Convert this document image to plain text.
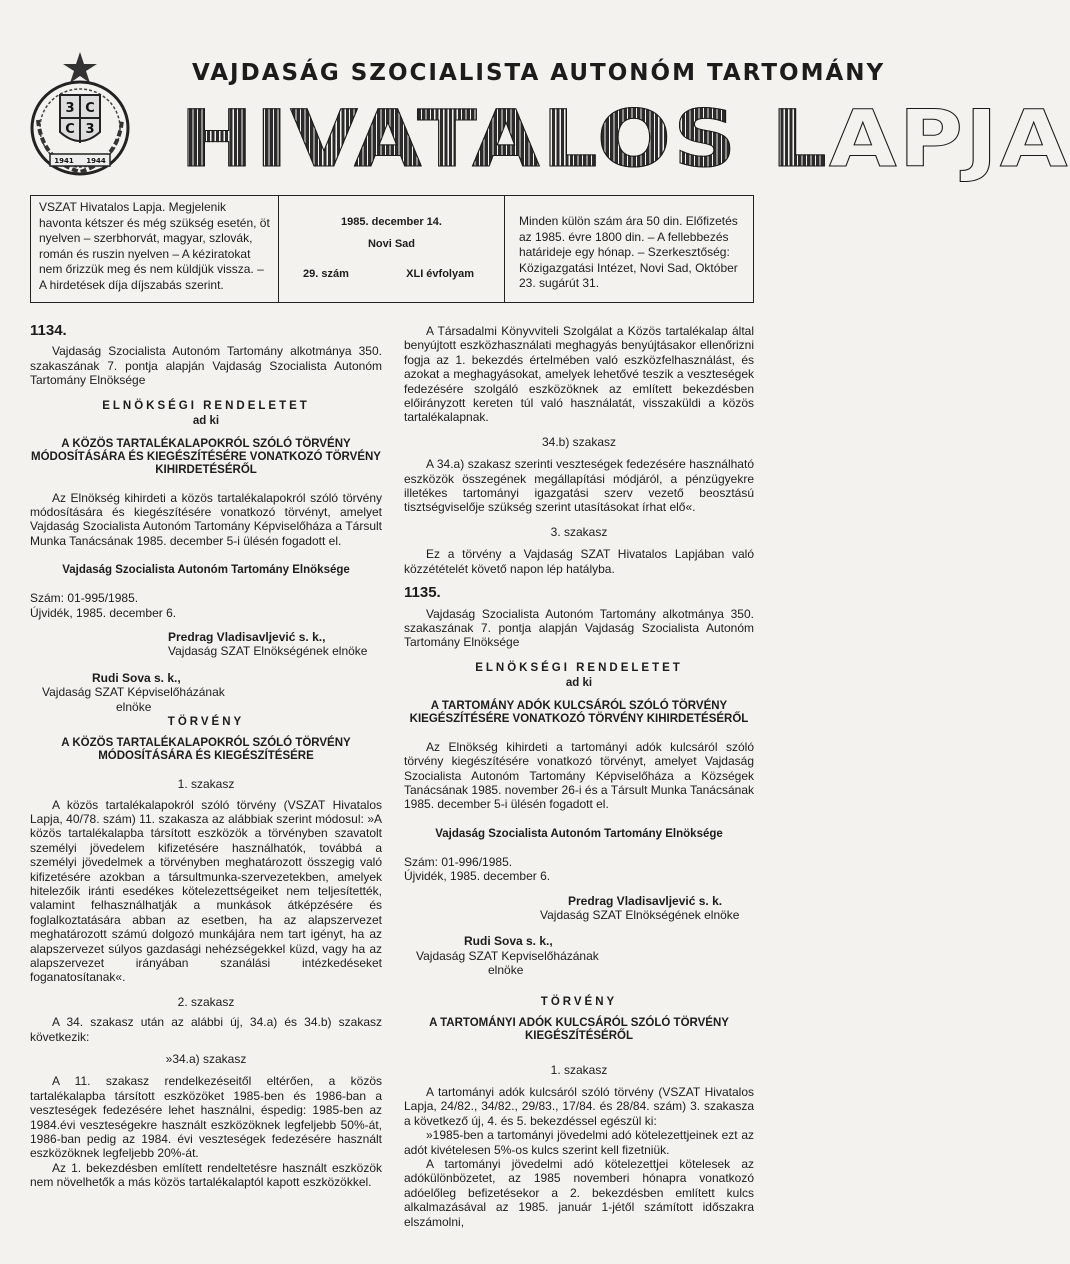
3 C
C 3
1941 1944
VAJDASÁG SZOCIALISTA AUTONÓM TARTOMÁNY
HIVATALOS LAPJA
VSZAT Hivatalos Lapja. Megjelenik havonta kétszer és még szükség esetén, öt nyelven – szerbhorvát, magyar, szlovák, román és ruszin nyelven – A kéziratokat nem őrizzük meg és nem küldjük vissza. – A hirdetések díja díjszabás szerint.
1985. december 14.
Novi Sad
29. szám	XLI évfolyam
Minden külön szám ára 50 din. Előfizetés az 1985. évre 1800 din. – A fellebbezés határideje egy hónap. – Szerkesztőség: Közigazgatási Intézet, Novi Sad, Október 23. sugárút 31.

1134.

Vajdaság Szocialista Autonóm Tartomány alkotmánya 350. szakaszának 7. pontja alapján Vajdaság Szocialista Autonóm Tartomány Elnöksége

ELNÖKSÉGI RENDELETET

ad ki

A KÖZÖS TARTALÉKALAPOKRÓL SZÓLÓ TÖRVÉNY MÓDOSÍTÁSÁRA ÉS KIEGÉSZÍTÉSÉRE VONATKOZÓ TÖRVÉNY KIHIRDETÉSÉRŐL

Az Elnökség kihirdeti a közös tartalékalapokról szóló törvény módosítására és kiegészítésére vonatkozó törvényt, amelyet Vajdaság Szocialista Autonóm Tartomány Képviselőháza a Társult Munka Tanácsának 1985. december 5-i ülésén fogadott el.

Vajdaság Szocialista Autonóm Tartomány Elnöksége

Szám: 01-995/1985.

Újvidék, 1985. december 6.

Predrag Vladisavljević s. k.,

Vajdaság SZAT Elnökségének elnöke

Rudi Sova s. k.,

Vajdaság SZAT Képviselőházának

elnöke

TÖRVÉNY

A KÖZÖS TARTALÉKALAPOKRÓL SZÓLÓ TÖRVÉNY MÓDOSÍTÁSÁRA ÉS KIEGÉSZÍTÉSÉRE

1. szakasz

A közös tartalékalapokról szóló törvény (VSZAT Hivatalos Lapja, 40/78. szám) 11. szakasza az alábbiak szerint módosul: »A közös tartalékalapba társított eszközök a törvényben szavatolt személyi jövedelem kifizetésére használhatók, továbbá a személyi jövedelmek a törvényben meghatározott összegig való kifizetésére azokban a társultmunka-szervezetekben, amelyek hitelezőik iránti esedékes kötelezettségeiket nem teljesítették, valamint felhasználhatják a munkások átképzésére és foglalkoztatására abban az esetben, ha az alapszervezet meghatározott számú dolgozó munkájára nem tart igényt, ha az alapszervezet súlyos gazdasági nehézségekkel küzd, vagy ha az alapszervezet irányában szanálási intézkedéseket foganatosítanak«.

2. szakasz

A 34. szakasz után az alábbi új, 34.a) és 34.b) szakasz következik:

»34.a) szakasz

A 11. szakasz rendelkezéseitől eltérően, a közös tartalékalapba társított eszközöket 1985-ben és 1986-ban a veszteségek fedezésére lehet használni, éspedig: 1985-ben az 1984.évi veszteségekre használt eszközöknek legfeljebb 50%-át, 1986-ban pedig az 1984. évi veszteségek fedezésére használt eszközöknek legfeljebb 20%-át.

Az 1. bekezdésben említett rendeltetésre használt eszközök nem növelhetők a más közös tartalékalaptól kapott eszközökkel.

A Társadalmi Könyvviteli Szolgálat a Közös tartalékalap által benyújtott eszközhasználati meghagyás benyújtásakor ellenőrizni fogja az 1. bekezdés értelmében való eszközfelhasználást, és azokat a meghagyásokat, amelyek lehetővé teszik a veszteségek fedezésére szolgáló eszközöknek az említett bekezdésben előirányzott kereten túl való használatát, visszaküldi a közös tartalékalapnak.

34.b) szakasz

A 34.a) szakasz szerinti veszteségek fedezésére használható eszközök összegének megállapítási módjáról, a pénzügyekre illetékes tartományi igazgatási szerv vezető beosztású tisztségviselője szükség szerint utasításokat írhat elő«.

3. szakasz

Ez a törvény a Vajdaság SZAT Hivatalos Lapjában való közzétételét követő napon lép hatályba.

1135.

Vajdaság Szocialista Autonóm Tartomány alkotmánya 350. szakaszának 7. pontja alapján Vajdaság Szocialista Autonóm Tartomány Elnöksége

ELNÖKSÉGI RENDELETET

ad ki

A TARTOMÁNY ADÓK KULCSÁRÓL SZÓLÓ TÖRVÉNY KIEGÉSZÍTÉSÉRE VONATKOZÓ TÖRVÉNY KIHIRDETÉSÉRŐL

Az Elnökség kihirdeti a tartományi adók kulcsáról szóló törvény kiegészítésére vonatkozó törvényt, amelyet Vajdaság Szocialista Autonóm Tartomány Képviselőháza a Községek Tanácsának 1985. november 26-i és a Társult Munka Tanácsának 1985. december 5-i ülésén fogadott el.

Vajdaság Szocialista Autonóm Tartomány Elnöksége

Szám: 01-996/1985.

Újvidék, 1985. december 6.

Predrag Vladisavljević s. k.

Vajdaság SZAT Elnökségének elnöke

Rudi Sova s. k.,

Vajdaság SZAT Kepviselőházának

elnöke

TÖRVÉNY

A TARTOMÁNYI ADÓK KULCSÁRÓL SZÓLÓ TÖRVÉNY KIEGÉSZÍTÉSÉRŐL

1. szakasz

A tartományi adók kulcsáról szóló törvény (VSZAT Hivatalos Lapja, 24/82., 34/82., 29/83., 17/84. és 28/84. szám) 3. szakasza a következő új, 4. és 5. bekezdéssel egészül ki:

»1985-ben a tartományi jövedelmi adó kötelezettjeinek ezt az adót kivételesen 5%-os kulcs szerint kell fizetniük.

A tartományi jövedelmi adó kötelezettjei kötelesek az adókülönbözetet, az 1985 novemberi hónapra vonatkozó adóelőleg befizetésekor a 2. bekezdésben említett kulcs alkalmazásával az 1985. január 1-jétől számított időszakra elszámolni,
